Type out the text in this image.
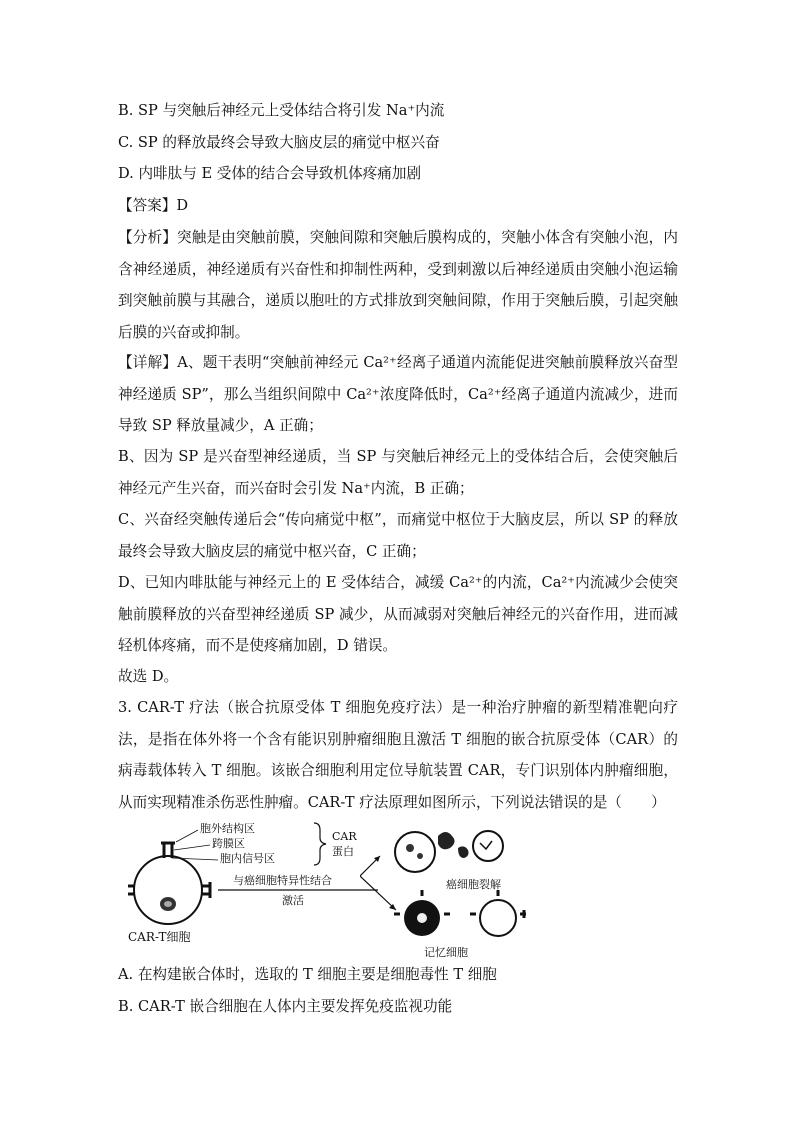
B. SP 与突触后神经元上受体结合将引发 Na⁺内流
C. SP 的释放最终会导致大脑皮层的痛觉中枢兴奋
D. 内啡肽与 E 受体的结合会导致机体疼痛加剧
【答案】D
【分析】突触是由突触前膜，突触间隙和突触后膜构成的，突触小体含有突触小泡，内含神经递质，神经递质有兴奋性和抑制性两种，受到刺激以后神经递质由突触小泡运输到突触前膜与其融合，递质以胞吐的方式排放到突触间隙，作用于突触后膜，引起突触后膜的兴奋或抑制。
【详解】A、题干表明“突触前神经元 Ca²⁺经离子通道内流能促进突触前膜释放兴奋型神经递质 SP”，那么当组织间隙中 Ca²⁺浓度降低时，Ca²⁺经离子通道内流减少，进而导致 SP 释放量减少，A 正确；
B、因为 SP 是兴奋型神经递质，当 SP 与突触后神经元上的受体结合后，会使突触后神经元产生兴奋，而兴奋时会引发 Na⁺内流，B 正确；
C、兴奋经突触传递后会“传向痛觉中枢”，而痛觉中枢位于大脑皮层，所以 SP 的释放最终会导致大脑皮层的痛觉中枢兴奋，C 正确；
D、已知内啡肽能与神经元上的 E 受体结合，减缓 Ca²⁺的内流，Ca²⁺内流减少会使突触前膜释放的兴奋型神经递质 SP 减少，从而减弱对突触后神经元的兴奋作用，进而减轻机体疼痛，而不是使疼痛加剧，D 错误。
故选 D。
3. CAR-T 疗法（嵌合抗原受体 T 细胞免疫疗法）是一种治疗肿瘤的新型精准靶向疗法，是指在体外将一个含有能识别肿瘤细胞且激活 T 细胞的嵌合抗原受体（CAR）的病毒载体转入 T 细胞。该嵌合细胞利用定位导航装置 CAR，专门识别体内肿瘤细胞，从而实现精准杀伤恶性肿瘤。CAR-T 疗法原理如图所示，下列说法错误的是（　　）
胞外结构区
跨膜区
胞内信号区
CAR
蛋白
与癌细胞特异性结合
激活
CAR-T细胞
癌细胞裂解
记忆细胞
A. 在构建嵌合体时，选取的 T 细胞主要是细胞毒性 T 细胞
B. CAR-T 嵌合细胞在人体内主要发挥免疫监视功能
